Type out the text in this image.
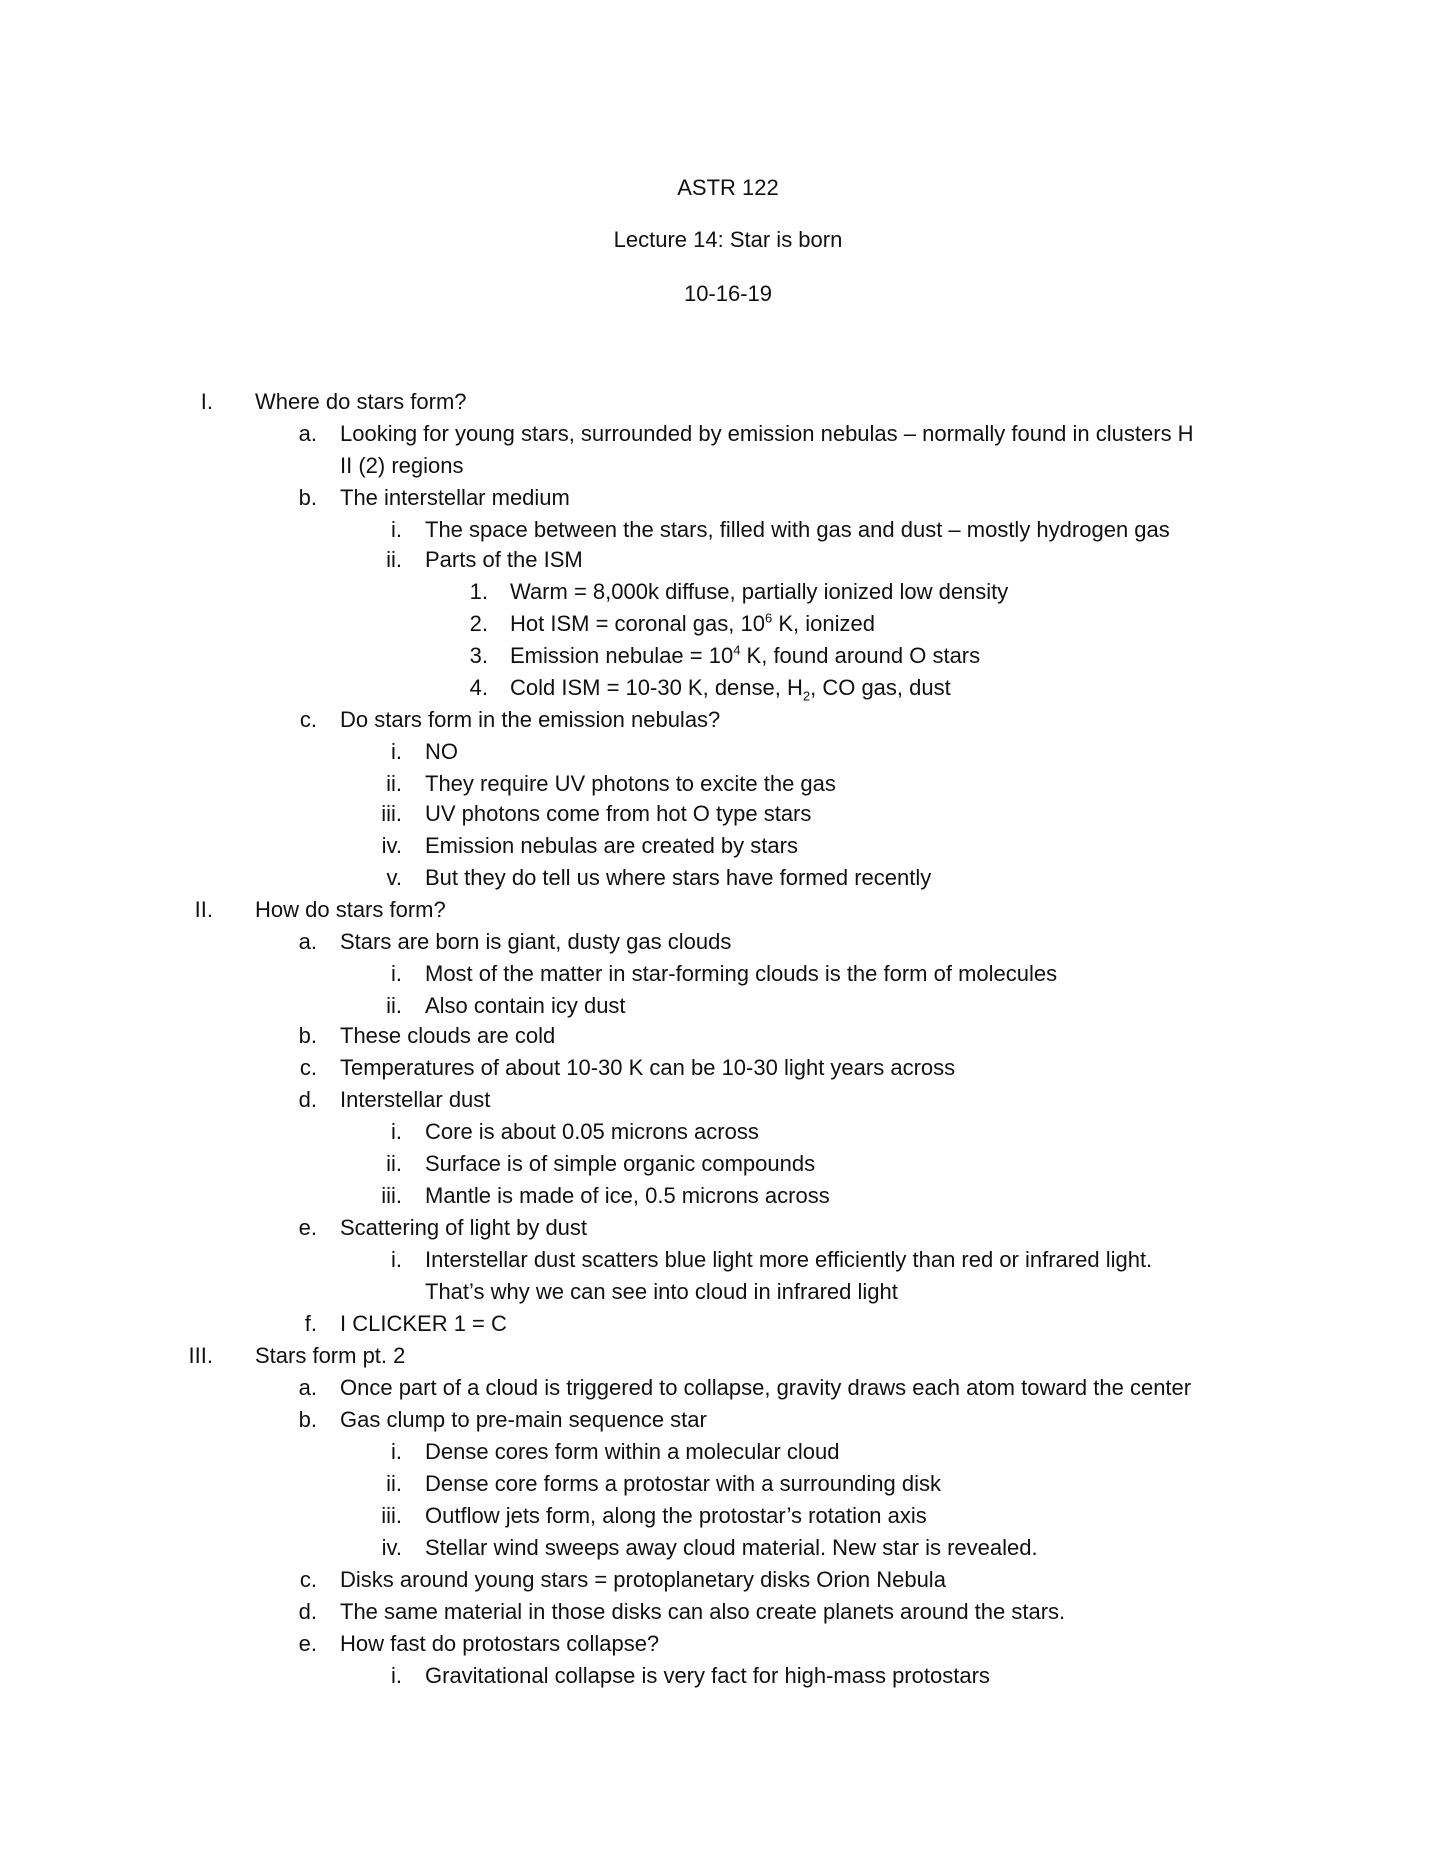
ASTR 122
Lecture 14: Star is born
10-16-19
I. Where do stars form?
a. Looking for young stars, surrounded by emission nebulas – normally found in clusters H
II (2) regions
b. The interstellar medium
i. The space between the stars, filled with gas and dust – mostly hydrogen gas
ii. Parts of the ISM
1. Warm = 8,000k diffuse, partially ionized low density
2. Hot ISM = coronal gas, $10^6$ K, ionized
3. Emission nebulae = $10^4$ K, found around O stars
4. Cold ISM = 10-30 K, dense, $H_2$, CO gas, dust
c. Do stars form in the emission nebulas?
i. NO
ii. They require UV photons to excite the gas
iii. UV photons come from hot O type stars
iv. Emission nebulas are created by stars
v. But they do tell us where stars have formed recently
II. How do stars form?
a. Stars are born is giant, dusty gas clouds
i. Most of the matter in star-forming clouds is the form of molecules
ii. Also contain icy dust
b. These clouds are cold
c. Temperatures of about 10-30 K can be 10-30 light years across
d. Interstellar dust
i. Core is about 0.05 microns across
ii. Surface is of simple organic compounds
iii. Mantle is made of ice, 0.5 microns across
e. Scattering of light by dust
i. Interstellar dust scatters blue light more efficiently than red or infrared light.
That’s why we can see into cloud in infrared light
f. I CLICKER 1 = C
III. Stars form pt. 2
a. Once part of a cloud is triggered to collapse, gravity draws each atom toward the center
b. Gas clump to pre-main sequence star
i. Dense cores form within a molecular cloud
ii. Dense core forms a protostar with a surrounding disk
iii. Outflow jets form, along the protostar’s rotation axis
iv. Stellar wind sweeps away cloud material. New star is revealed.
c. Disks around young stars = protoplanetary disks Orion Nebula
d. The same material in those disks can also create planets around the stars.
e. How fast do protostars collapse?
i. Gravitational collapse is very fact for high-mass protostars
